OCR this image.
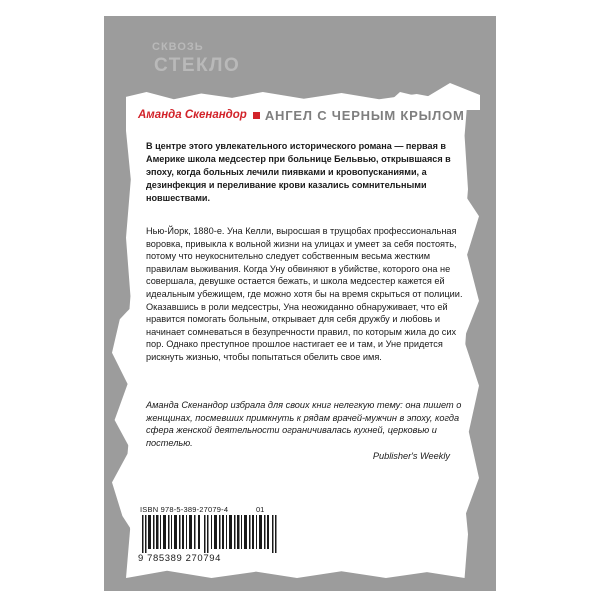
СКВОЗЬ
СТЕКЛО
Аманда Скенандор АНГЕЛ С ЧЕРНЫМ КРЫЛОМ
В центре этого увлекательного исторического романа — первая в Америке школа медсестер при больнице Бельвью, открывшаяся в эпоху, когда больных лечили пиявками и кровопусканиями, а дезинфекция и переливание крови казались сомнительными новшествами.
Нью-Йорк, 1880-е. Уна Келли, выросшая в трущобах профессиональная воровка, привыкла к вольной жизни на улицах и умеет за себя постоять, потому что неукоснительно следует собственным весьма жестким правилам выживания. Когда Уну обвиняют в убийстве, которого она не совершала, девушке остается бежать, и школа медсестер кажется ей идеальным убежищем, где можно хотя бы на время скрыться от полиции. Оказавшись в роли медсестры, Уна неожиданно обнаруживает, что ей нравится помогать больным, открывает для себя дружбу и любовь и начинает сомневаться в безупречности правил, по которым жила до сих пор. Однако преступное прошлое настигает ее и там, и Уне придется рискнуть жизнью, чтобы попытаться обелить свое имя.
Аманда Скенандор избрала для своих книг нелегкую тему: она пишет о женщинах, посмевших примкнуть к рядам врачей-мужчин в эпоху, когда сфера женской деятельности ограничивалась кухней, церковью и постелью.
Publisher's Weekly
ISBN 978-5-389-27079-4	01
9 785389 270794
